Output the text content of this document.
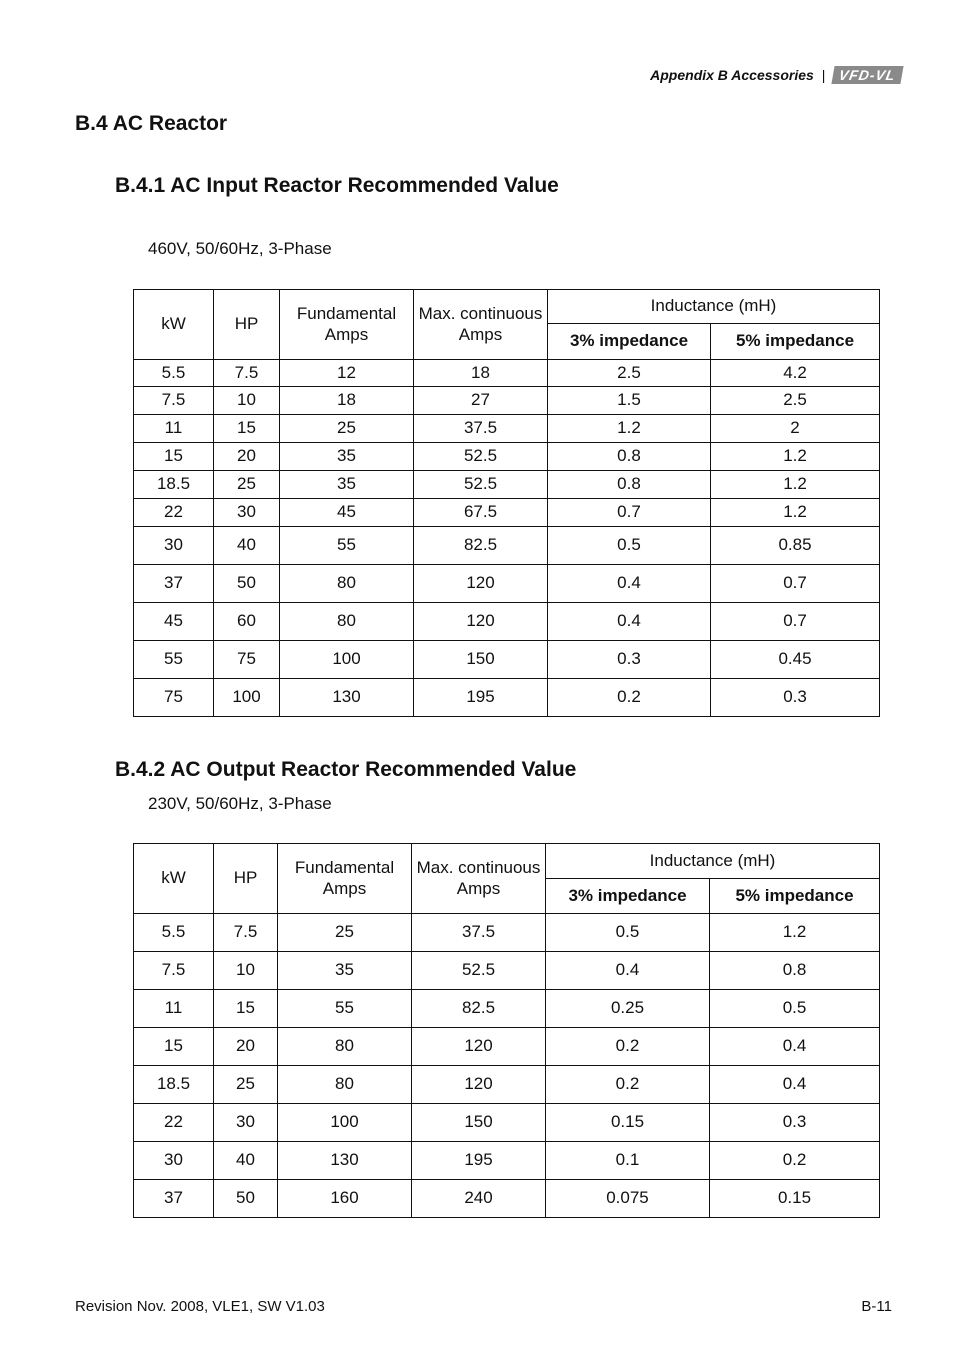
Appendix B Accessories | VFD-VL
B.4 AC Reactor
B.4.1 AC Input Reactor Recommended Value
460V, 50/60Hz, 3-Phase
kW	HP	Fundamental Amps	Max. continuous Amps	Inductance (mH)	
				3% impedance	5% impedance
5.5	7.5	12	18	2.5	4.2
7.5	10	18	27	1.5	2.5
11	15	25	37.5	1.2	2
15	20	35	52.5	0.8	1.2
18.5	25	35	52.5	0.8	1.2
22	30	45	67.5	0.7	1.2
30	40	55	82.5	0.5	0.85
37	50	80	120	0.4	0.7
45	60	80	120	0.4	0.7
55	75	100	150	0.3	0.45
75	100	130	195	0.2	0.3
B.4.2 AC Output Reactor Recommended Value
230V, 50/60Hz, 3-Phase
kW	HP	Fundamental Amps	Max. continuous Amps	Inductance (mH)	
				3% impedance	5% impedance
5.5	7.5	25	37.5	0.5	1.2
7.5	10	35	52.5	0.4	0.8
11	15	55	82.5	0.25	0.5
15	20	80	120	0.2	0.4
18.5	25	80	120	0.2	0.4
22	30	100	150	0.15	0.3
30	40	130	195	0.1	0.2
37	50	160	240	0.075	0.15
Revision Nov. 2008, VLE1, SW V1.03	B-11
